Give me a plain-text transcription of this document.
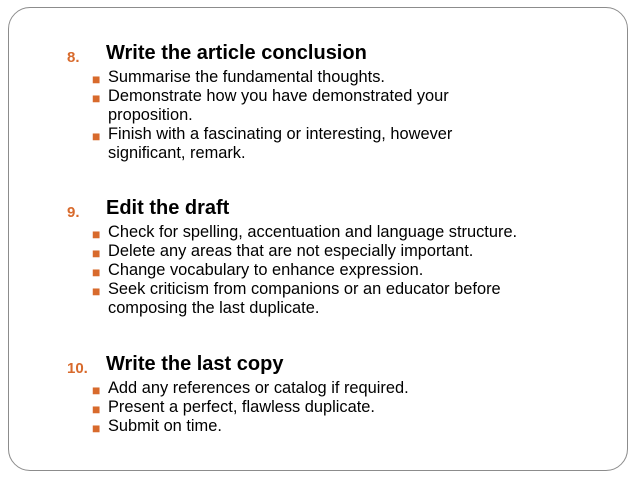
8. Write the article conclusion
■ Summarise the fundamental thoughts.
■ Demonstrate how you have demonstrated your
proposition.
■ Finish with a fascinating or interesting, however
significant, remark.
9. Edit the draft
■ Check for spelling, accentuation and language structure.
■ Delete any areas that are not especially important.
■ Change vocabulary to enhance expression.
■ Seek criticism from companions or an educator before
composing the last duplicate.
10. Write the last copy
■ Add any references or catalog if required.
■ Present a perfect, flawless duplicate.
■ Submit on time.
